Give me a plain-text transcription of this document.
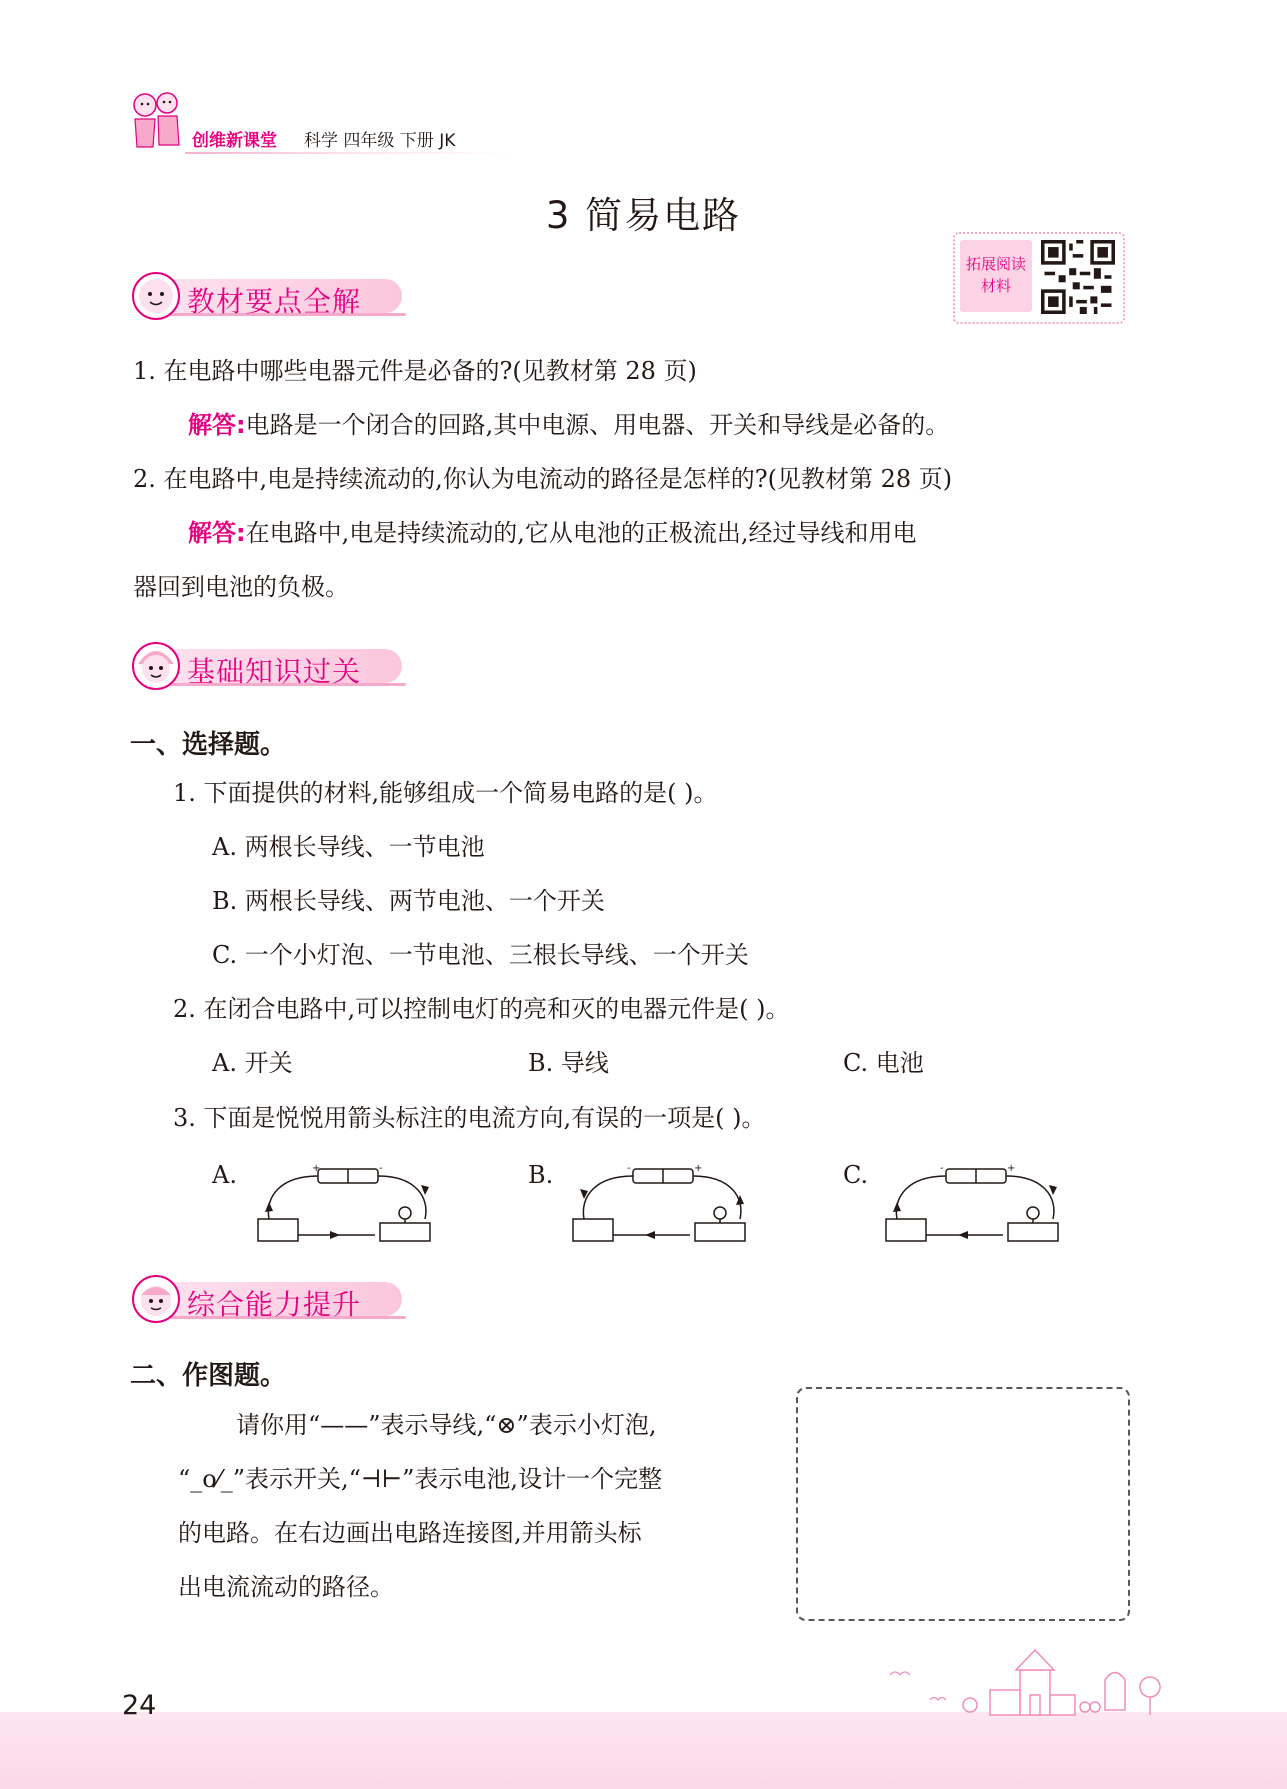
创维新课堂 科学 四年级 下册 JK
3 简易电路
拓展阅读
材料
教材要点全解
1. 在电路中哪些电器元件是必备的?(见教材第 28 页)
解答:电路是一个闭合的回路,其中电源、用电器、开关和导线是必备的。
2. 在电路中,电是持续流动的,你认为电流动的路径是怎样的?(见教材第 28 页)
解答:在电路中,电是持续流动的,它从电池的正极流出,经过导线和用电
器回到电池的负极。
基础知识过关
一、选择题。
1. 下面提供的材料,能够组成一个简易电路的是( )。
A. 两根长导线、一节电池
B. 两根长导线、两节电池、一个开关
C. 一个小灯泡、一节电池、三根长导线、一个开关
2. 在闭合电路中,可以控制电灯的亮和灭的电器元件是( )。
A. 开关	B. 导线	C. 电池
3. 下面是悦悦用箭头标注的电流方向,有误的一项是( )。
A.	+	-	B.	-	+	C.	-	+
综合能力提升
二、作图题。
请你用“——”表示导线,“⊗”表示小灯泡,
“_o⁄_”表示开关,“⊣⊢”表示电池,设计一个完整
的电路。在右边画出电路连接图,并用箭头标
出电流流动的路径。
24
